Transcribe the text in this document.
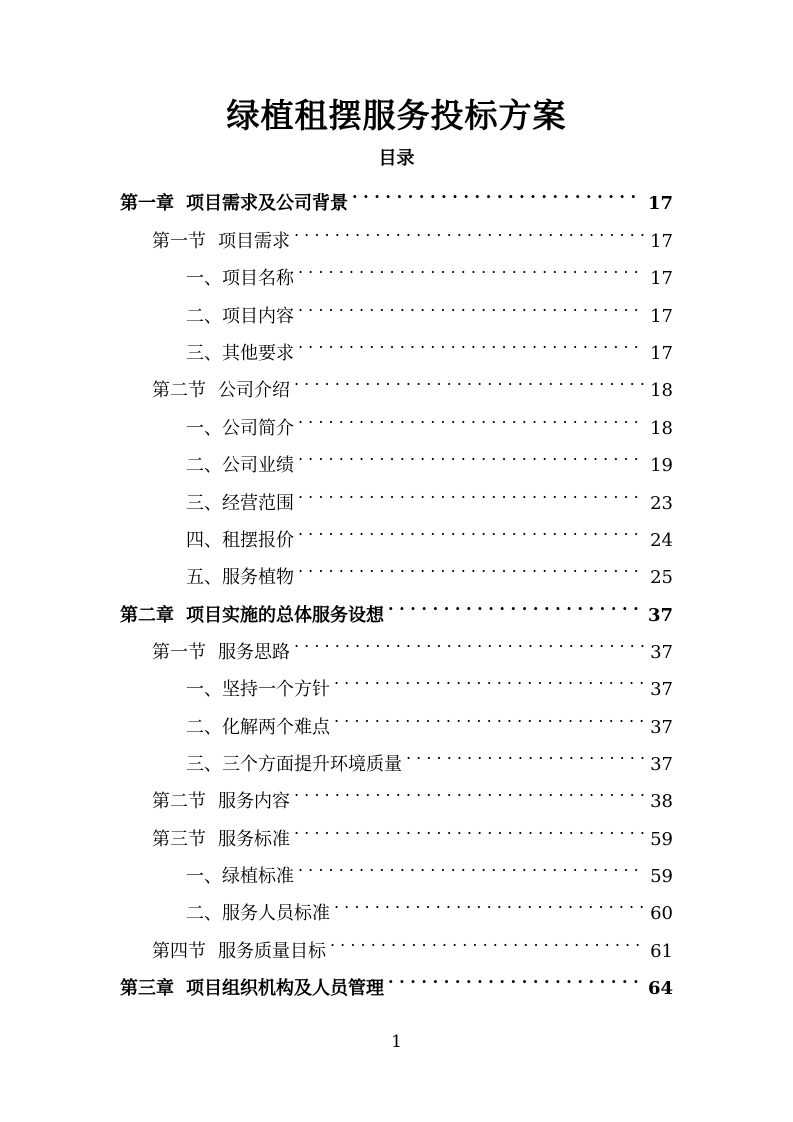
绿植租摆服务投标方案
目录
第一章 项目需求及公司背景 . . .	17
第一节 项目需求 . . .	17
一、项目名称 . . .	17
二、项目内容 . . .	17
三、其他要求 . . .	17
第二节 公司介绍 . . .	18
一、公司简介 . . .	18
二、公司业绩 . . .	19
三、经营范围 . . .	23
四、租摆报价 . . .	24
五、服务植物 . . .	25
第二章 项目实施的总体服务设想 . . .	37
第一节 服务思路 . . .	37
一、坚持一个方针 . . .	37
二、化解两个难点 . . .	37
三、三个方面提升环境质量 . . .	37
第二节 服务内容 . . .	38
第三节 服务标准 . . .	59
一、绿植标准 . . .	59
二、服务人员标准 . . .	60
第四节 服务质量目标 . . .	61
第三章 项目组织机构及人员管理 . . .	64
1
